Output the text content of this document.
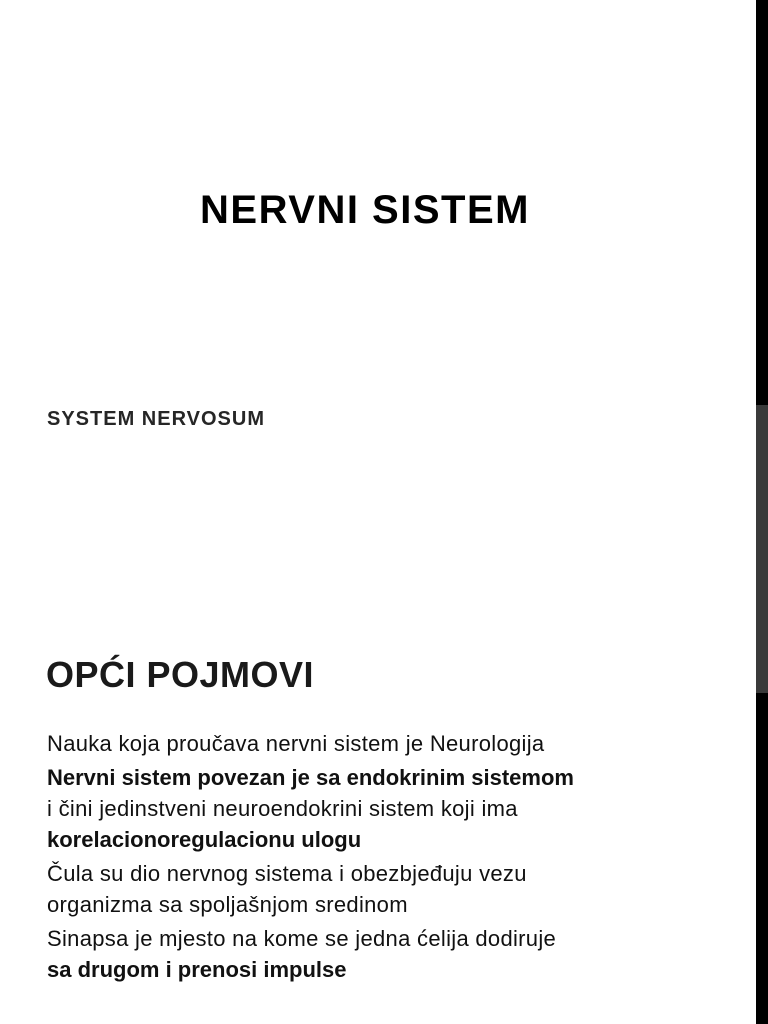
NERVNI SISTEM
SYSTEM NERVOSUM
OPĆI POJMOVI
Nauka koja proučava nervni sistem je Neurologija
Nervni sistem povezan je sa endokrinim sistemom
i čini jedinstveni neuroendokrini sistem koji ima
korelacionoregulacionu ulogu
Čula su dio nervnog sistema i obezbjeđuju vezu
organizma sa spoljašnjom sredinom
Sinapsa je mjesto na kome se jedna ćelija dodiruje
sa drugom i prenosi impulse
